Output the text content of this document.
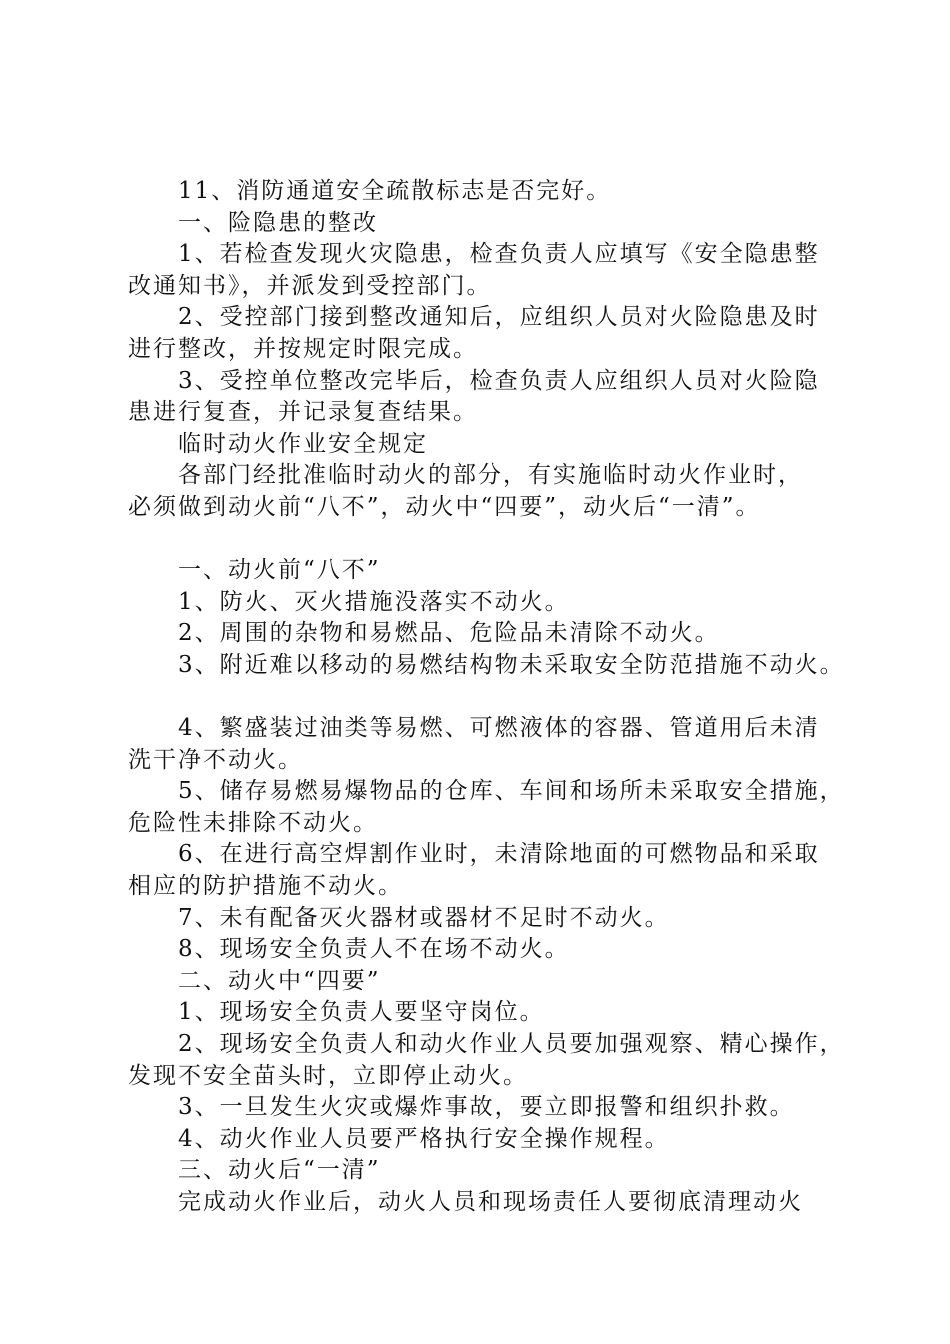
11、消防通道安全疏散标志是否完好。
一、险隐患的整改
1、若检查发现火灾隐患，检查负责人应填写《安全隐患整
改通知书》，并派发到受控部门。
2、受控部门接到整改通知后，应组织人员对火险隐患及时
进行整改，并按规定时限完成。
3、受控单位整改完毕后，检查负责人应组织人员对火险隐
患进行复查，并记录复查结果。
临时动火作业安全规定
各部门经批准临时动火的部分，有实施临时动火作业时，
必须做到动火前“八不”，动火中“四要”，动火后“一清”。
一、动火前“八不”
1、防火、灭火措施没落实不动火。
2、周围的杂物和易燃品、危险品未清除不动火。
3、附近难以移动的易燃结构物未采取安全防范措施不动火。
4、繁盛装过油类等易燃、可燃液体的容器、管道用后未清
洗干净不动火。
5、储存易燃易爆物品的仓库、车间和场所未采取安全措施，
危险性未排除不动火。
6、在进行高空焊割作业时，未清除地面的可燃物品和采取
相应的防护措施不动火。
7、未有配备灭火器材或器材不足时不动火。
8、现场安全负责人不在场不动火。
二、动火中“四要”
1、现场安全负责人要坚守岗位。
2、现场安全负责人和动火作业人员要加强观察、精心操作，
发现不安全苗头时，立即停止动火。
3、一旦发生火灾或爆炸事故，要立即报警和组织扑救。
4、动火作业人员要严格执行安全操作规程。
三、动火后“一清”
完成动火作业后，动火人员和现场责任人要彻底清理动火
